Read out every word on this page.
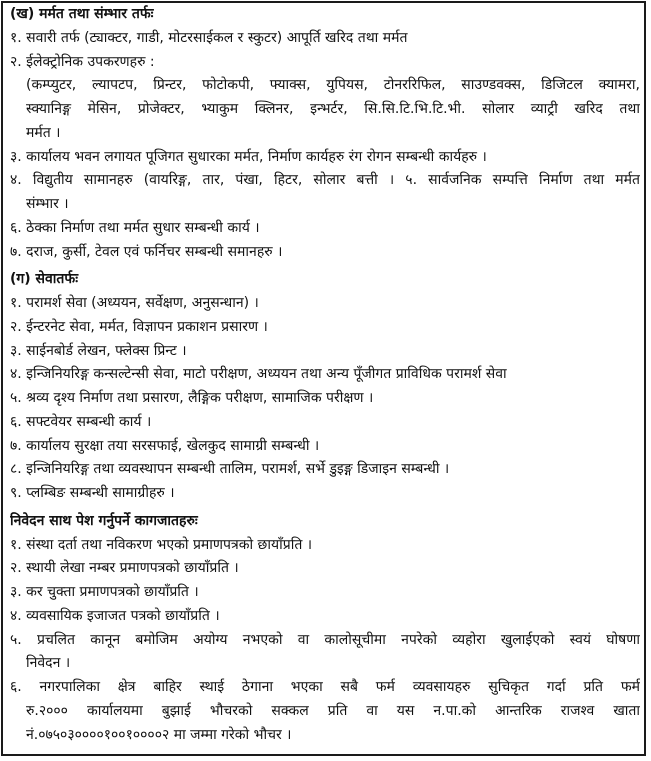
(ख) मर्मत तथा संम्भार तर्फः
१. सवारी तर्फ (ट्याक्टर, गाडी, मोटरसाईकल र स्कुटर) आपूर्ति खरिद तथा मर्मत
२. ईलेक्ट्रोनिक उपकरणहरु :
(कम्प्युटर, ल्यापटप, प्रिन्टर, फोटोकपी, फ्याक्स, युपियस, टोनररिफिल, साउण्डवक्स, डिजिटल क्यामरा,
स्क्यानिङ्ग मेसिन, प्रोजेक्टर, भ्याकुम क्लिनर, इन्भर्टर, सि.सि.टि.भि.टि.भी. सोलार व्याट्री खरिद तथा
मर्मत ।
३. कार्यालय भवन लगायत पूजिगत सुधारका मर्मत, निर्माण कार्यहरु रंग रोगन सम्बन्धी कार्यहरु ।
४. विद्युतीय सामानहरु (वायरिङ्ग, तार, पंखा, हिटर, सोलार बत्ती । ५. सार्वजनिक सम्पत्ति निर्माण तथा मर्मत
संम्भार ।
६. ठेक्का निर्माण तथा मर्मत सुधार सम्बन्धी कार्य ।
७. दराज, कुर्सी, टेवल एवं फर्निचर सम्बन्धी समानहरु ।
(ग) सेवातर्फः
१. परामर्श सेवा (अध्ययन, सर्वेक्षण, अनुसन्धान) ।
२. ईन्टरनेट सेवा, मर्मत, विज्ञापन प्रकाशन प्रसारण ।
३. साईनबोर्ड लेखन, फ्लेक्स प्रिन्ट ।
४. इन्जिनियरिङ्ग कन्सल्टेन्सी सेवा, माटो परीक्षण, अध्ययन तथा अन्य पूँजीगत प्राविधिक परामर्श सेवा
५. श्रव्य दृश्य निर्माण तथा प्रसारण, लैङ्गिक परीक्षण, सामाजिक परीक्षण ।
६. सफ्टवेयर सम्बन्धी कार्य ।
७. कार्यालय सुरक्षा तया सरसफाई, खेलकुद सामाग्री सम्बन्धी ।
८. इन्जिनियरिङ्ग तथा व्यवस्थापन सम्बन्धी तालिम, परामर्श, सर्भे डुइङ्ग डिजाइन सम्बन्धी ।
९. प्लम्बिङ सम्बन्धी सामाग्रीहरु ।
निवेदन साथ पेश गर्नुपर्ने कागजातहरुः
१. संस्था दर्ता तथा नविकरण भएको प्रमाणपत्रको छायाँप्रति ।
२. स्थायी लेखा नम्बर प्रमाणपत्रको छायाँप्रति ।
३. कर चुक्ता प्रमाणपत्रको छायाँप्रति ।
४. व्यवसायिक इजाजत पत्रको छायाँप्रति ।
५. प्रचलित कानून बमोजिम अयोग्य नभएको वा कालोसूचीमा नपरेको व्यहोरा खुलाईएको स्वयं घोषणा
निवेदन ।
६. नगरपालिका क्षेत्र बाहिर स्थाई ठेगाना भएका सबै फर्म व्यवसायहरु सुचिकृत गर्दा प्रति फर्म
रु.२००० कार्यालयमा बुझाई भौचरको सक्कल प्रति वा यस न.पा.को आन्तरिक राजश्व खाता
नं.०७५०३००००१००१००००२ मा जम्मा गरेको भौचर ।
